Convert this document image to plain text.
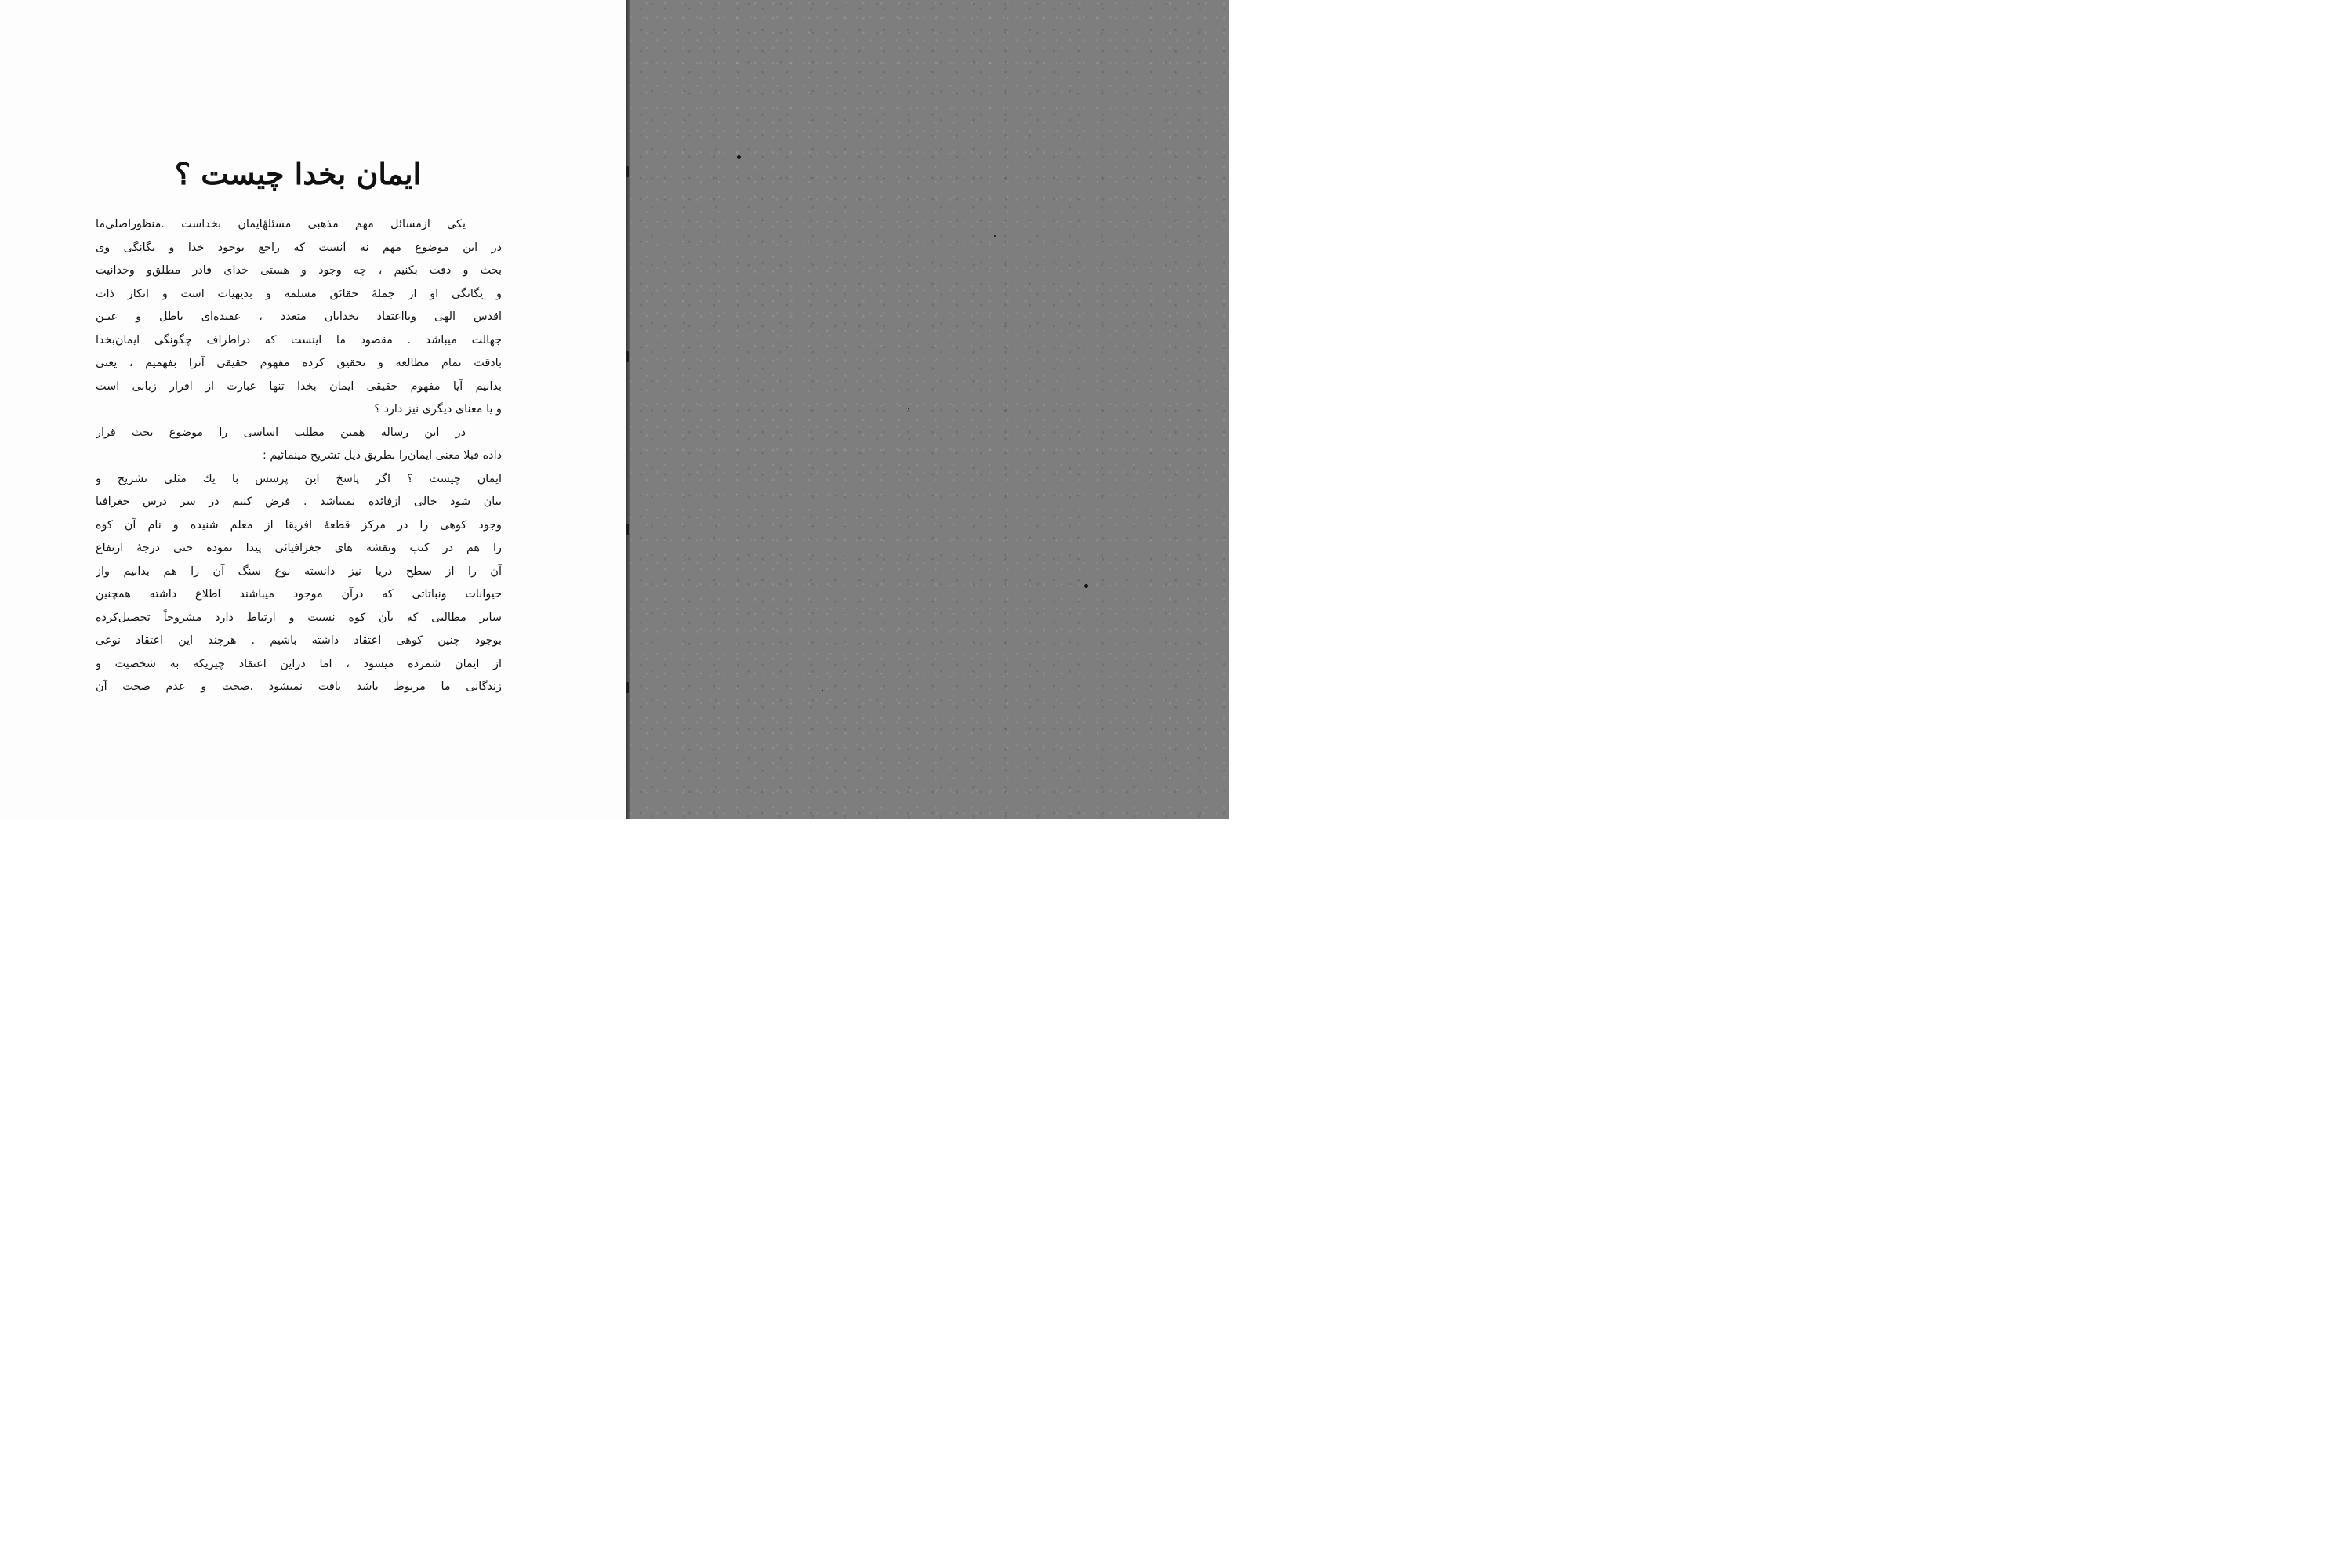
ایمان بخدا چیست ؟
یکی ازمسائل مهم مذهبی مسئلهٔایمان بخداست .منظوراصلی‌ما
در این موضوع مهم نه آنست که راجع بوجود خدا و یگانگی وی
بحث و دقت بکنیم ، چه وجود و هستی خدای قادر مطلق‌و وحدانیت
و یگانگی او از جملهٔ حقائق مسلمه و بدیهیات است و انکار ذات
اقدس الهی ویااعتقاد بخدایان متعدد ، عقیده‌ای باطل و عیـن
جهالت میباشد . مقصود ما اینست که دراطراف چگونگی ایمان‌بخدا
بادقت تمام مطالعه و تحقیق کرده مفهوم حقیقی آنرا بفهمیم ، یعنی
بدانیم آیا مفهوم حقیقی ایمان بخدا تنها عبارت از اقرار زبانی است
و یا معنای دیگری نیز دارد ؟
در این رساله همین مطلب اساسی را موضوع بحث قرار
داده قبلا معنی ایمان‌را بطریق ذیل تشریح مینمائیم :
ایمان چیست ؟ اگر پاسخ این پرسش با یك مثلی تشریح و
بیان شود خالی ازفائده نمیباشد . فرض کنیم در سر درس جغرافیا
وجود کوهی را در مرکز قطعهٔ افریقا از معلم شنیده و نام آن کوه
را هم در کتب ونقشه های جغرافیائی پیدا نموده حتی درجهٔ ارتفاع
آن را از سطح دریا نیز دانسته نوع سنگ آن را هم بدانیم واز
حیوانات ونباتاتی که درآن موجود میباشند اطلاع داشته همچنین
سایر مطالبی که بآن کوه نسبت و ارتباط دارد مشروحاً تحصیل‌کرده
بوجود چنین کوهی اعتقاد داشته باشیم . هرچند این اعتقاد نوعی
از ایمان شمرده میشود ، اما دراین اعتقاد چیزیکه به شخصیت و
زندگانی ما مربوط باشد یافت نمیشود .صحت و عدم صحت آن
